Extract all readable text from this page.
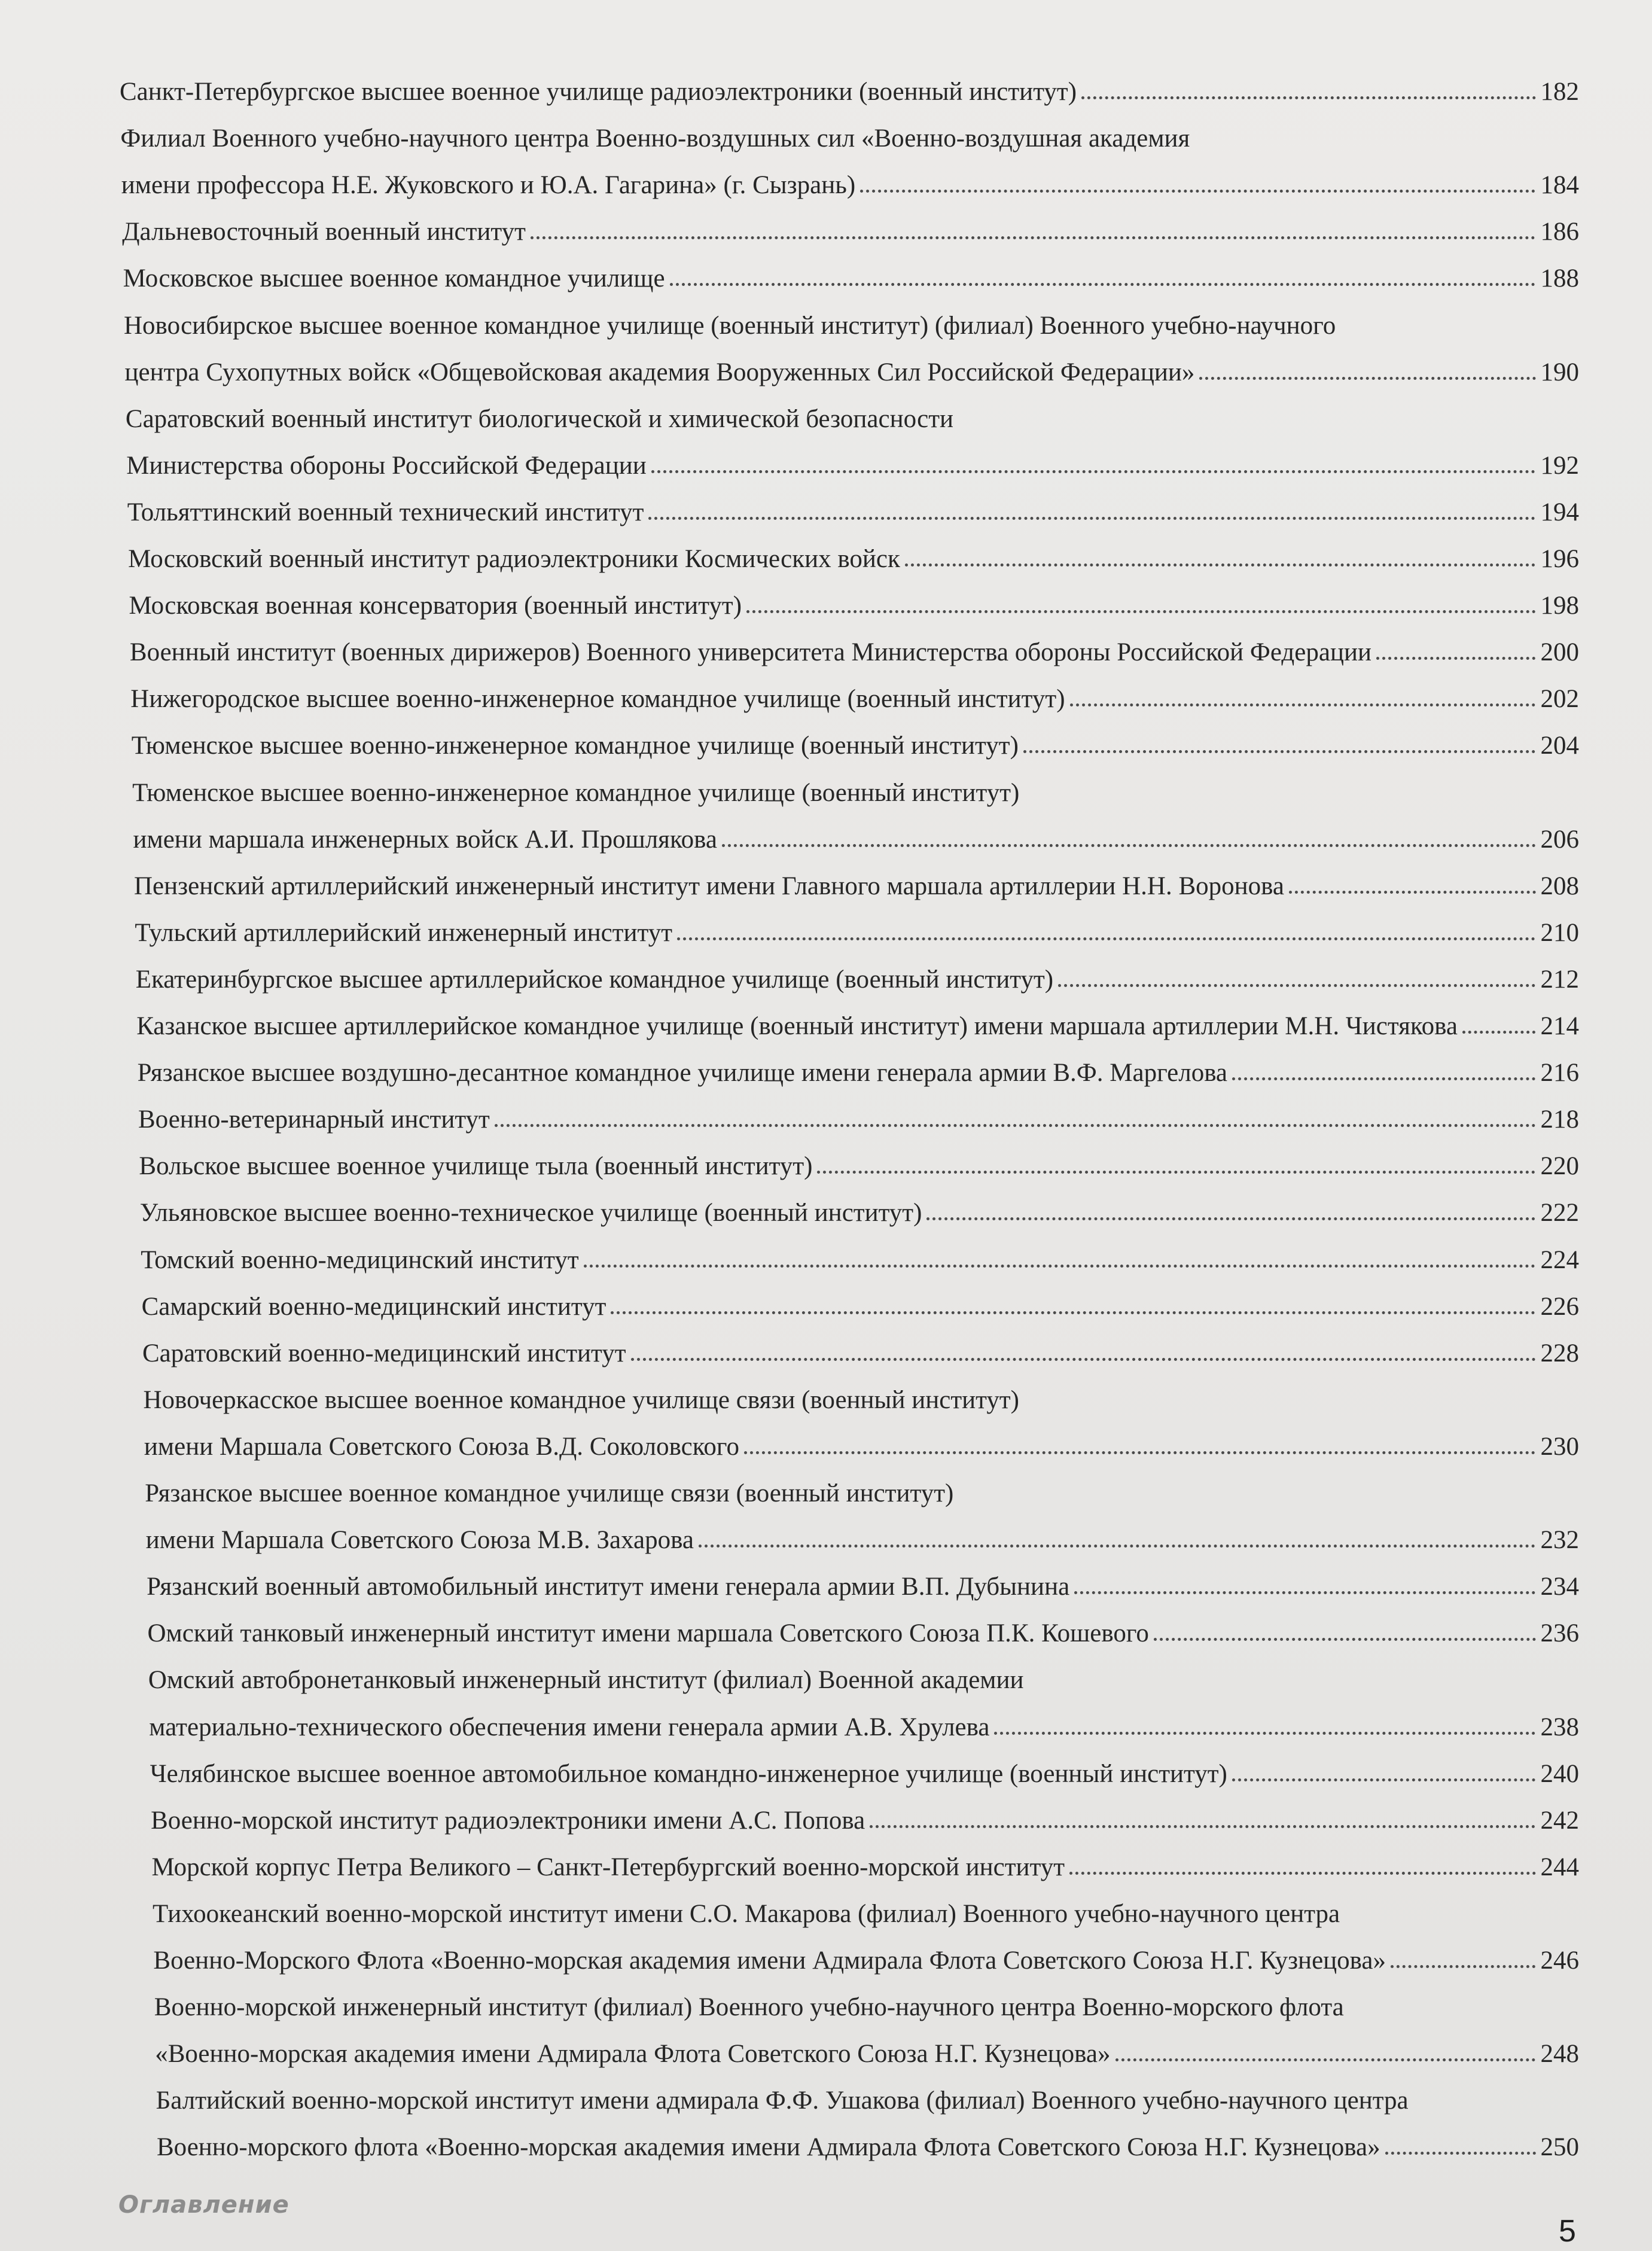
Санкт-Петербургское высшее военное училище радиоэлектроники (военный институт)	182
Филиал Военного учебно-научного центра Военно-воздушных сил «Военно-воздушная академия
имени профессора Н.Е. Жуковского и Ю.А. Гагарина» (г. Сызрань)	184
Дальневосточный военный институт	186
Московское высшее военное командное училище	188
Новосибирское высшее военное командное училище (военный институт) (филиал) Военного учебно-научного
центра Сухопутных войск «Общевойсковая академия Вооруженных Сил Российской Федерации»	190
Саратовский военный институт биологической и химической безопасности
Министерства обороны Российской Федерации	192
Тольяттинский военный технический институт	194
Московский военный институт радиоэлектроники Космических войск	196
Московская военная консерватория (военный институт)	198
Военный институт (военных дирижеров) Военного университета Министерства обороны Российской Федерации	200
Нижегородское высшее военно-инженерное командное училище (военный институт)	202
Тюменское высшее военно-инженерное командное училище (военный институт)	204
Тюменское высшее военно-инженерное командное училище (военный институт)
имени маршала инженерных войск А.И. Прошлякова	206
Пензенский артиллерийский инженерный институт имени Главного маршала артиллерии Н.Н. Воронова	208
Тульский артиллерийский инженерный институт	210
Екатеринбургское высшее артиллерийское командное училище (военный институт)	212
Казанское высшее артиллерийское командное училище (военный институт) имени маршала артиллерии М.Н. Чистякова	214
Рязанское высшее воздушно-десантное командное училище имени генерала армии В.Ф. Маргелова	216
Военно-ветеринарный институт	218
Вольское высшее военное училище тыла (военный институт)	220
Ульяновское высшее военно-техническое училище (военный институт)	222
Томский военно-медицинский институт	224
Самарский военно-медицинский институт	226
Саратовский военно-медицинский институт	228
Новочеркасское высшее военное командное училище связи (военный институт)
имени Маршала Советского Союза В.Д. Соколовского	230
Рязанское высшее военное командное училище связи (военный институт)
имени Маршала Советского Союза М.В. Захарова	232
Рязанский военный автомобильный институт имени генерала армии В.П. Дубынина	234
Омский танковый инженерный институт имени маршала Советского Союза П.К. Кошевого	236
Омский автобронетанковый инженерный институт (филиал) Военной академии
материально-технического обеспечения имени генерала армии А.В. Хрулева	238
Челябинское высшее военное автомобильное командно-инженерное училище (военный институт)	240
Военно-морской институт радиоэлектроники имени А.С. Попова	242
Морской корпус Петра Великого – Санкт-Петербургский военно-морской институт	244
Тихоокеанский военно-морской институт имени С.О. Макарова (филиал) Военного учебно-научного центра
Военно-Морского Флота «Военно-морская академия имени Адмирала Флота Советского Союза Н.Г. Кузнецова»	246
Военно-морской инженерный институт (филиал) Военного учебно-научного центра Военно-морского флота
«Военно-морская академия имени Адмирала Флота Советского Союза Н.Г. Кузнецова»	248
Балтийский военно-морской институт имени адмирала Ф.Ф. Ушакова (филиал) Военного учебно-научного центра
Военно-морского флота «Военно-морская академия имени Адмирала Флота Советского Союза Н.Г. Кузнецова»	250
Оглавление
5
